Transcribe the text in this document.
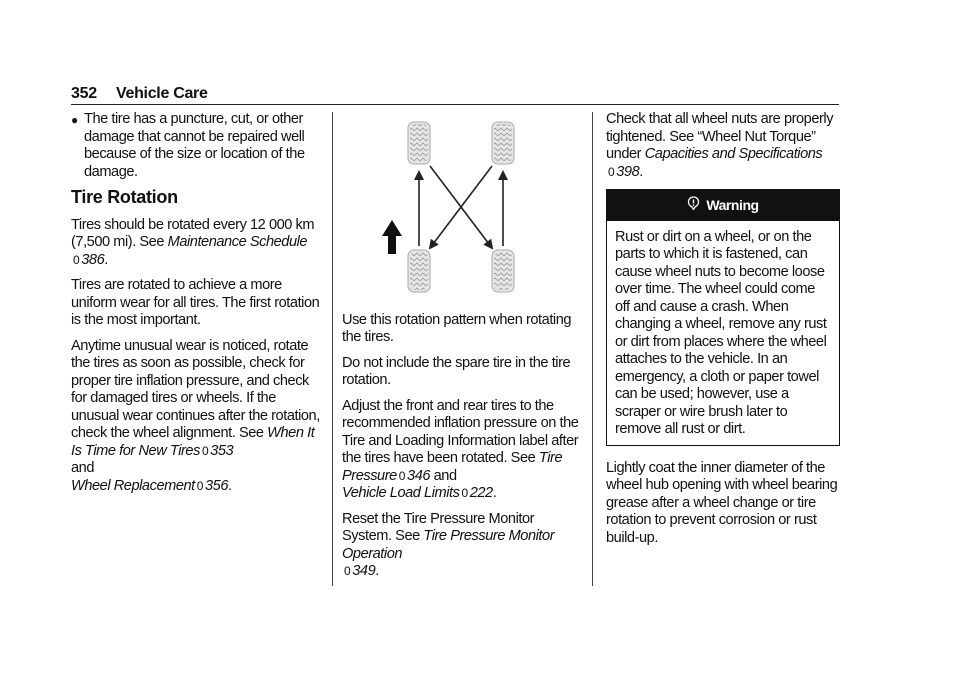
352 Vehicle Care
● The tire has a puncture, cut, or other damage that cannot be repaired well because of the size or location of the damage.
Tire Rotation

Tires should be rotated every 12 000 km (7,500 mi). See Maintenance Schedule
0 386.

Tires are rotated to achieve a more uniform wear for all tires. The first rotation is the most important.

Anytime unusual wear is noticed, rotate the tires as soon as possible, check for proper tire inflation pressure, and check for damaged tires or wheels. If the unusual wear continues after the rotation, check the wheel alignment. See When It Is Time for New Tires 0 353
and
Wheel Replacement 0 356.

Use this rotation pattern when rotating the tires.

Do not include the spare tire in the tire rotation.

Adjust the front and rear tires to the recommended inflation pressure on the Tire and Loading Information label after the tires have been rotated. See Tire Pressure 0 346 and
Vehicle Load Limits 0 222.

Reset the Tire Pressure Monitor System. See Tire Pressure Monitor Operation
0 349.

Check that all wheel nuts are properly tightened. See “Wheel Nut Torque” under Capacities and Specifications
0 398.

Warning
Rust or dirt on a wheel, or on the parts to which it is fastened, can cause wheel nuts to become loose over time. The wheel could come off and cause a crash. When changing a wheel, remove any rust or dirt from places where the wheel attaches to the vehicle. In an emergency, a cloth or paper towel can be used; however, use a scraper or wire brush later to remove all rust or dirt.

Lightly coat the inner diameter of the wheel hub opening with wheel bearing grease after a wheel change or tire rotation to prevent corrosion or rust build-up.
